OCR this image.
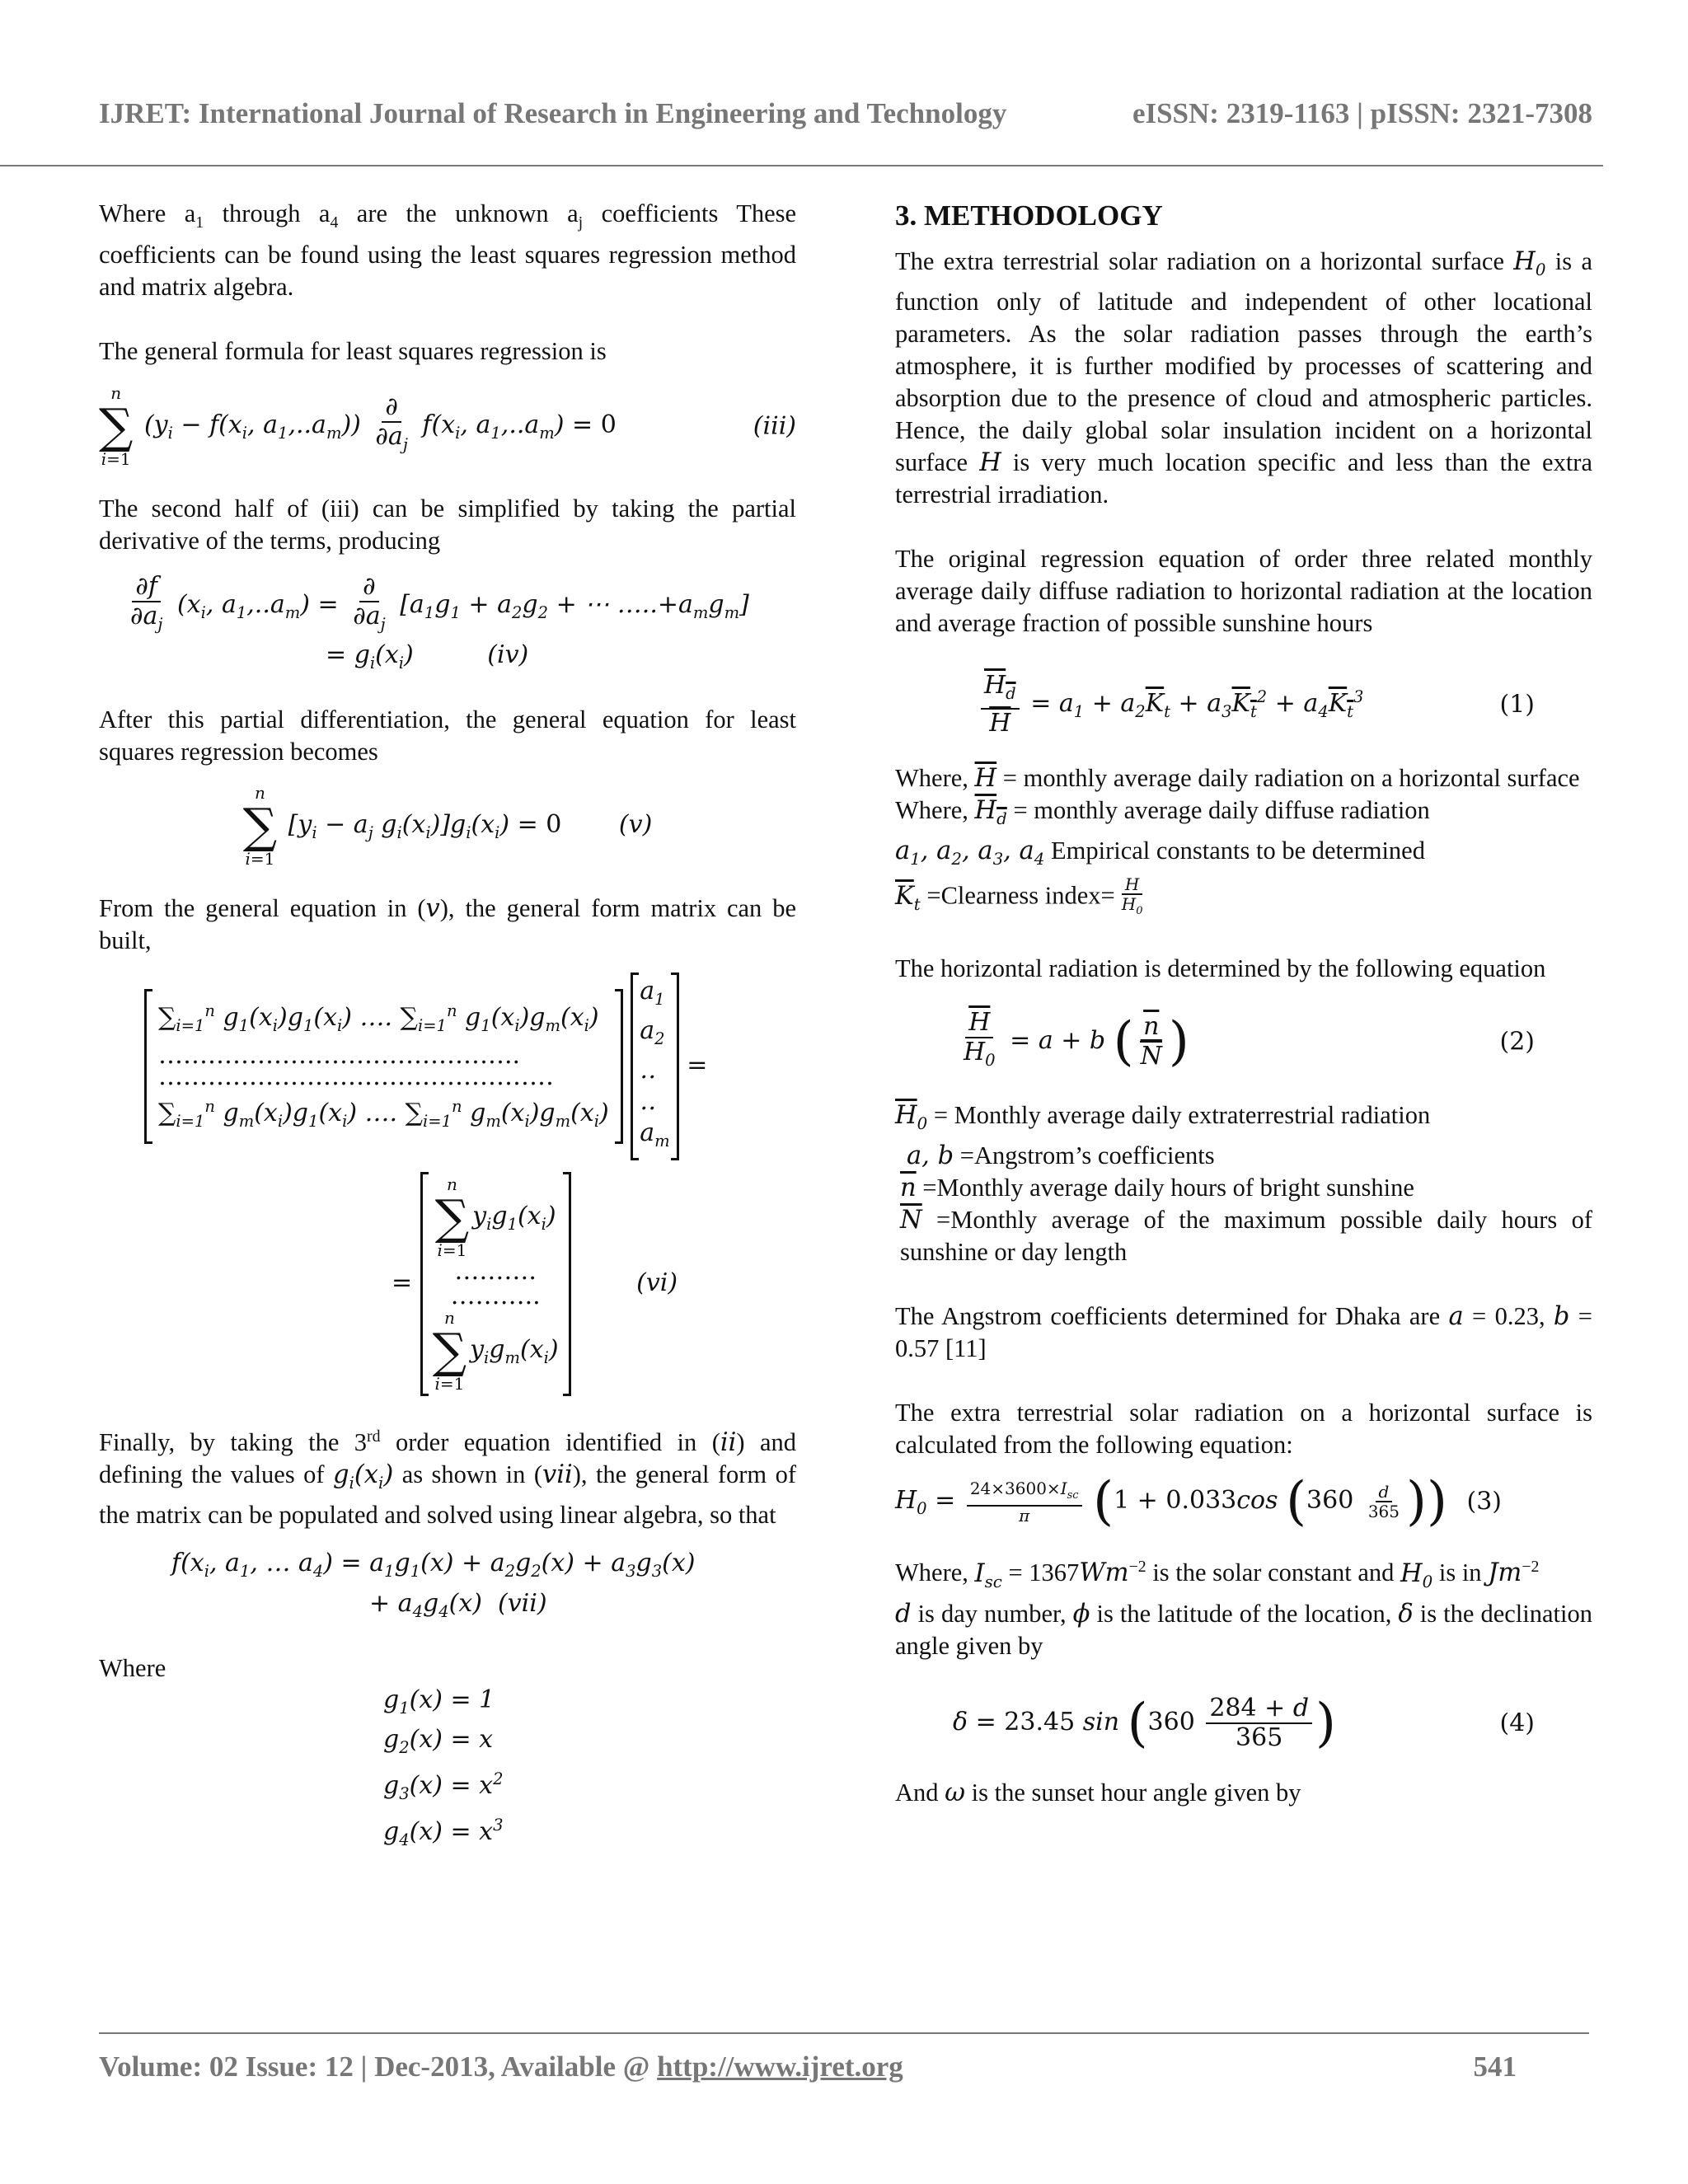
IJRET: International Journal of Research in Engineering and Technology	eISSN: 2319-1163 | pISSN: 2321-7308

Where $a_1$ through $a_4$ are the unknown $a_j$ coefficients These coefficients can be found using the least squares regression method and matrix algebra.

The general formula for least squares regression is

n
∑
i=1
($y_i - f(x_i$, $a_1,..a_m)) \frac{\partial}{\partial a_j} f(x_i$, $a_1,..a_m) = 0$	(iii)

The second half of (iii) can be simplified by taking the partial derivative of the terms, producing

$\frac{\partial f}{\partial a_j} (x_i$, $a_1,..a_m) = \frac{\partial}{\partial a_j} [a_1g_1 + a_2g_2$ + ⋯ $\dots..+a_mg_m$]
= $g_i(x_i)$	(iv)

After this partial differentiation, the general equation for least squares regression becomes

n
∑
i=1
[$y_i - a_j$ $g_i(x_i)]g_i(x_i) = 0$ (v)

From the general equation in (v), the general form matrix can be built,

$\sum_{i=1}^n$ $g_1(x_i)g_1(x_i)$ …. $\sum_{i=1}^n$ $g_1(x_i)g_m(x_i)$
……………………………………..
…………………………………………
$\sum_{i=1}^n$ $g_m(x_i)g_1(x_i)$ …. $\sum_{i=1}^n$ $g_m(x_i)g_m(x_i)$

$a_1$
$a_2$
‥
‥
$a_m$
=
=
n
∑
i=1
$y_ig_1(x_i)$
……….
………..
n
∑
i=1
$y_ig_m(x_i)$
(vi)

Finally, by taking the 3rd order equation identified in (ii) and defining the values of $g_i(x_i)$ as shown in (vii), the general form of the matrix can be populated and solved using linear algebra, so that

$f(x_i$, $a_1$, … $a_4) = a_1g_1(x) + a_2g_2(x) + a_3g_3(x)$
+ $a_4g_4(x)$  (vii)

Where

$g_1(x) = 1$
$g_2(x) = x$
$g_3(x) = x^2$
$g_4(x) = x^3$
3. METHODOLOGY

The extra terrestrial solar radiation on a horizontal surface $H_0$ is a function only of latitude and independent of other locational parameters. As the solar radiation passes through the earth’s atmosphere, it is further modified by processes of scattering and absorption due to the presence of cloud and atmospheric particles. Hence, the daily global solar insulation incident on a horizontal surface H is very much location specific and less than the extra terrestrial irradiation.

The original regression equation of order three related monthly average daily diffuse radiation to horizontal radiation at the location and average fraction of possible sunshine hours

$\frac{H_d}{H} = a_1 + a_2\overline{K}_t + a_3K_t^2 + a_4K_t^3$	(1)
Where, $\overline{H}$ = monthly average daily radiation on a horizontal surface
Where, $H_d$ = monthly average daily diffuse radiation
$a_1$, $a_2$, $a_3$, $a_4$ Empirical constants to be determined
$\overline{K}_t$ =Clearness index= $\frac{H}{H_0}$

The horizontal radiation is determined by the following equation

$\frac{\overline{H}}{H_0} = a + b$ ( $\frac{\overline{n}}{N}$ )	(2)
$\overline{H}_0$ = Monthly average daily extraterrestrial radiation
a, b =Angstrom’s coefficients
$\overline{n}$ =Monthly average daily hours of bright sunshine
$\overline{N}$ =Monthly average of the maximum possible daily hours of sunshine or day length

The Angstrom coefficients determined for Dhaka are a = 0.23, b = 0.57 [11]

The extra terrestrial solar radiation on a horizontal surface is calculated from the following equation:

$H_0 = \frac{24\times 3600\times I_{sc}}{\pi} (1 + 0.033\cos$ ($360 \frac{d}{365}$ )) (3)
Where, $I_{sc} = 1367Wm^{-2}$ is the solar constant and $H_0$ is in $Jm^{-2}$

d is day number, ϕ is the latitude of the location, δ is the declination angle given by

δ = 23.45 $\sin (360 \frac{284 + d}{365}$ )	(4)

And ω is the sunset hour angle given by

Volume: 02 Issue: 12 | Dec-2013, Available @ http://www.ijret.org	541
